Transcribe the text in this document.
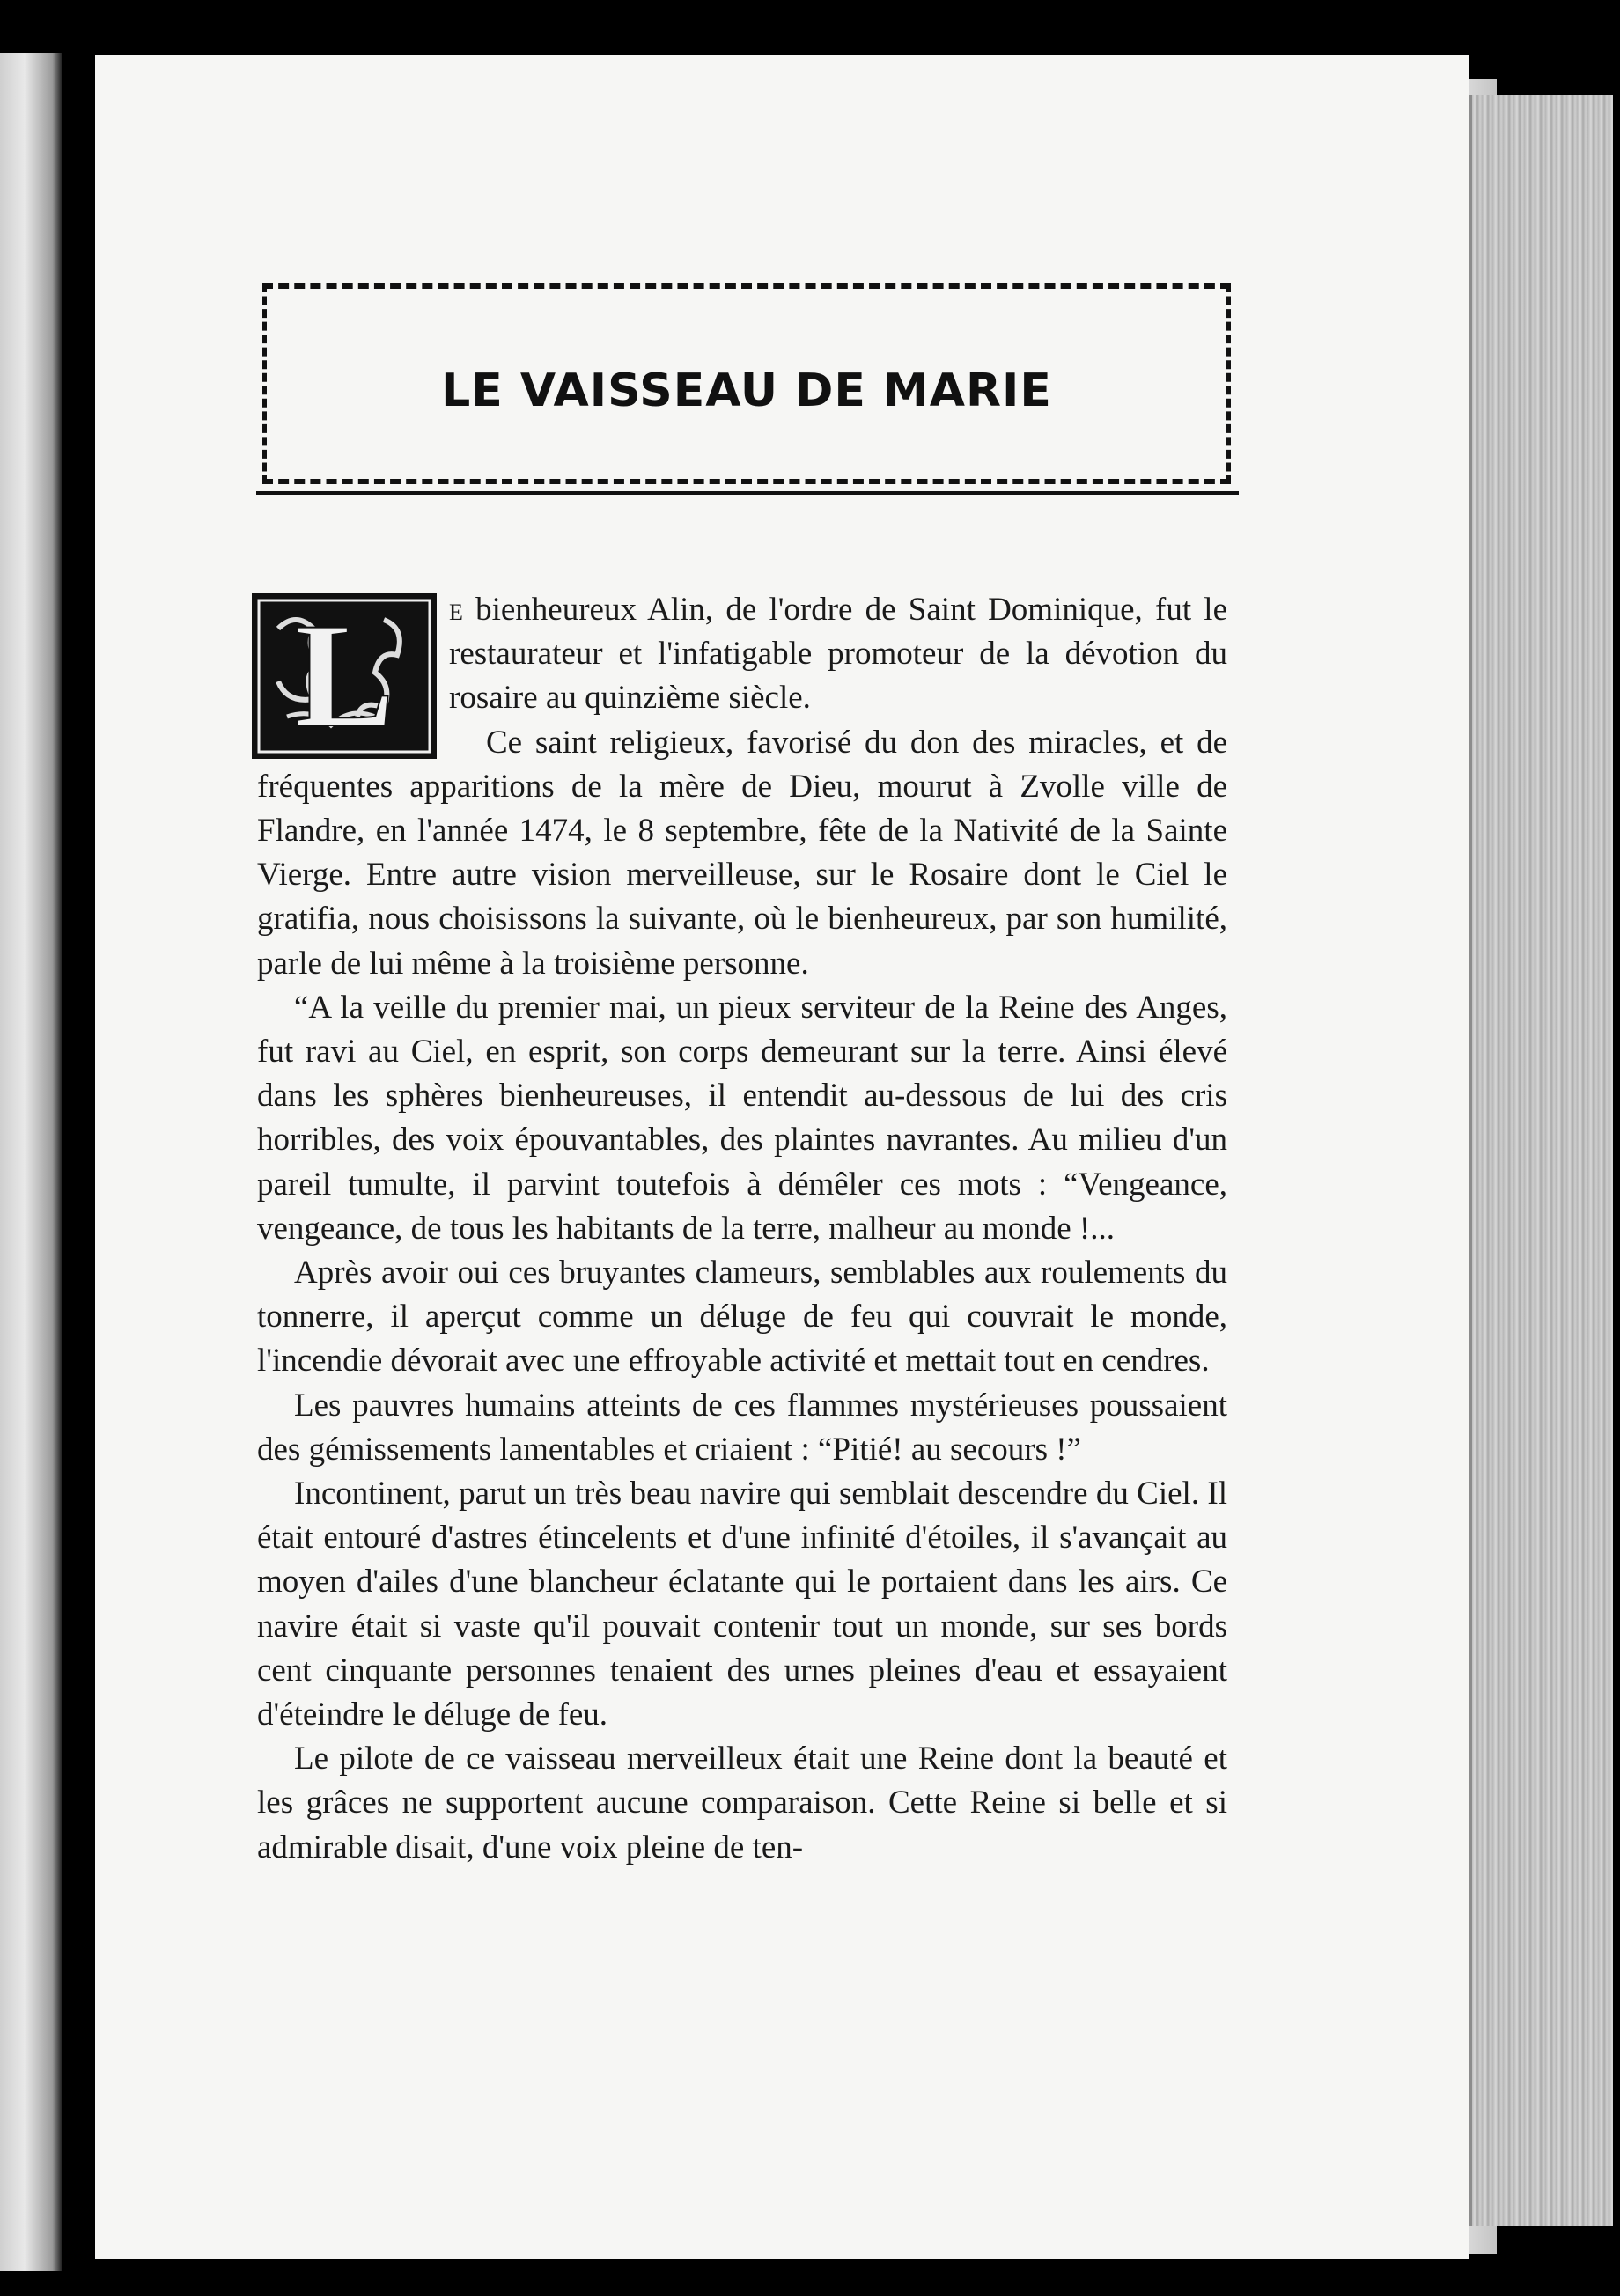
LE VAISSEAU DE MARIE

L e bienheureux Alin, de l'ordre de Saint Dominique, fut le restaurateur et l'infatigable promoteur de la dévotion du rosaire au quinzième siècle.

Ce saint religieux, favorisé du don des miracles, et de fréquentes apparitions de la mère de Dieu, mourut à Zvolle ville de Flandre, en l'année 1474, le 8 septembre, fête de la Nativité de la Sainte Vierge. Entre autre vision merveilleuse, sur le Rosaire dont le Ciel le gratifia, nous choisissons la suivante, où le bienheureux, par son humilité, parle de lui même à la troisième personne.

“A la veille du premier mai, un pieux serviteur de la Reine des Anges, fut ravi au Ciel, en esprit, son corps demeurant sur la terre. Ainsi élevé dans les sphères bienheureuses, il entendit au-dessous de lui des cris horribles, des voix épouvantables, des plaintes navrantes. Au milieu d'un pareil tumulte, il parvint toutefois à démêler ces mots : “Vengeance, vengeance, de tous les habitants de la terre, malheur au monde !...

Après avoir oui ces bruyantes clameurs, semblables aux roulements du tonnerre, il aperçut comme un déluge de feu qui couvrait le monde, l'incendie dévorait avec une effroyable activité et mettait tout en cendres.

Les pauvres humains atteints de ces flammes mystérieuses poussaient des gémissements lamentables et criaient : “Pitié! au secours !”

Incontinent, parut un très beau navire qui semblait descendre du Ciel. Il était entouré d'astres étincelents et d'une infinité d'étoiles, il s'avançait au moyen d'ailes d'une blancheur éclatante qui le portaient dans les airs. Ce navire était si vaste qu'il pouvait contenir tout un monde, sur ses bords cent cinquante personnes tenaient des urnes pleines d'eau et essayaient d'éteindre le déluge de feu.

Le pilote de ce vaisseau merveilleux était une Reine dont la beauté et les grâces ne supportent aucune comparaison. Cette Reine si belle et si admirable disait, d'une voix pleine de ten-
